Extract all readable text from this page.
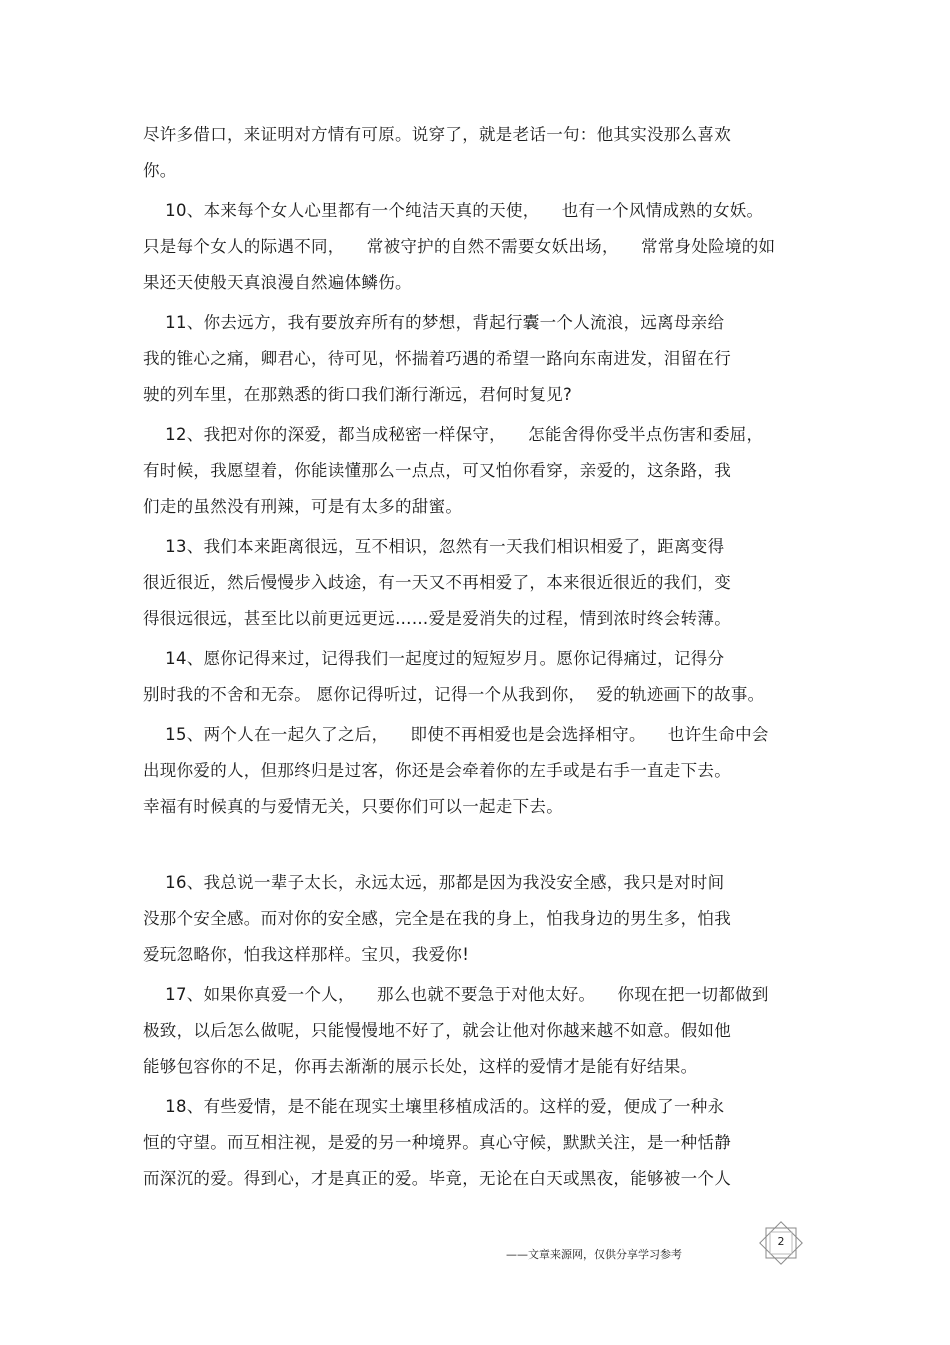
尽许多借口，来证明对方情有可原。说穿了，就是老话一句：他其实没那么喜欢
你。
10、本来每个女人心里都有一个纯洁天真的天使，    也有一个风情成熟的女妖。
只是每个女人的际遇不同，    常被守护的自然不需要女妖出场，    常常身处险境的如
果还天使般天真浪漫自然遍体鳞伤。
11、你去远方，我有要放弃所有的梦想，背起行囊一个人流浪，远离母亲给
我的锥心之痛，卿君心，待可见，怀揣着巧遇的希望一路向东南进发，泪留在行
驶的列车里，在那熟悉的街口我们渐行渐远，君何时复见?
12、我把对你的深爱，都当成秘密一样保守，    怎能舍得你受半点伤害和委屈，
有时候，我愿望着，你能读懂那么一点点，可又怕你看穿，亲爱的，这条路，我
们走的虽然没有刑辣，可是有太多的甜蜜。
13、我们本来距离很远，互不相识，忽然有一天我们相识相爱了，距离变得
很近很近，然后慢慢步入歧途，有一天又不再相爱了，本来很近很近的我们，变
得很远很远，甚至比以前更远更远……爱是爱消失的过程，情到浓时终会转薄。
14、愿你记得来过，记得我们一起度过的短短岁月。愿你记得痛过，记得分
别时我的不舍和无奈。 愿你记得听过，记得一个从我到你，  爱的轨迹画下的故事。
15、两个人在一起久了之后，    即使不再相爱也是会选择相守。    也许生命中会
出现你爱的人，但那终归是过客，你还是会牵着你的左手或是右手一直走下去。
幸福有时候真的与爱情无关，只要你们可以一起走下去。
16、我总说一辈子太长，永远太远，那都是因为我没安全感，我只是对时间
没那个安全感。而对你的安全感，完全是在我的身上，怕我身边的男生多，怕我
爱玩忽略你，怕我这样那样。宝贝，我爱你!
17、如果你真爱一个人，    那么也就不要急于对他太好。    你现在把一切都做到
极致，以后怎么做呢，只能慢慢地不好了，就会让他对你越来越不如意。假如他
能够包容你的不足，你再去渐渐的展示长处，这样的爱情才是能有好结果。
18、有些爱情，是不能在现实土壤里移植成活的。这样的爱，便成了一种永
恒的守望。而互相注视，是爱的另一种境界。真心守候，默默关注，是一种恬静
而深沉的爱。得到心，才是真正的爱。毕竟，无论在白天或黑夜，能够被一个人
——文章来源网，仅供分享学习参考
2
